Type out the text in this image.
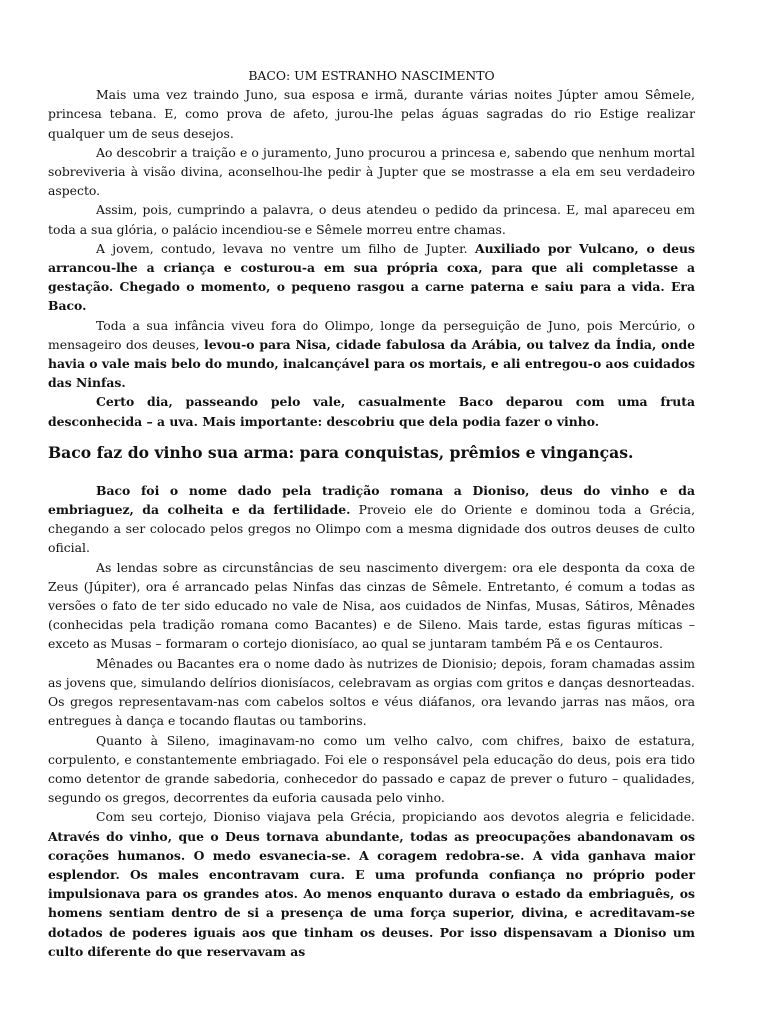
BACO: UM ESTRANHO NASCIMENTO

Mais uma vez traindo Juno, sua esposa e irmã, durante várias noites Júpter amou Sêmele, princesa tebana. E, como prova de afeto, jurou-lhe pelas águas sagradas do rio Estige realizar qualquer um de seus desejos.

Ao descobrir a traição e o juramento, Juno procurou a princesa e, sabendo que nenhum mortal sobreviveria à visão divina, aconselhou-lhe pedir à Jupter que se mostrasse a ela em seu verdadeiro aspecto.

Assim, pois, cumprindo a palavra, o deus atendeu o pedido da princesa. E, mal apareceu em toda a sua glória, o palácio incendiou-se e Sêmele morreu entre chamas.

A jovem, contudo, levava no ventre um filho de Jupter. Auxiliado por Vulcano, o deus arrancou-lhe a criança e costurou-a em sua própria coxa, para que ali completasse a gestação. Chegado o momento, o pequeno rasgou a carne paterna e saiu para a vida. Era Baco.

Toda a sua infância viveu fora do Olimpo, longe da perseguição de Juno, pois Mercúrio, o mensageiro dos deuses, levou-o para Nisa, cidade fabulosa da Arábia, ou talvez da Índia, onde havia o vale mais belo do mundo, inalcançável para os mortais, e ali entregou-o aos cuidados das Ninfas.

Certo dia, passeando pelo vale, casualmente Baco deparou com uma fruta desconhecida – a uva. Mais importante: descobriu que dela podia fazer o vinho.

Baco faz do vinho sua arma: para conquistas, prêmios e vinganças.

Baco foi o nome dado pela tradição romana a Dioniso, deus do vinho e da embriaguez, da colheita e da fertilidade. Proveio ele do Oriente e dominou toda a Grécia, chegando a ser colocado pelos gregos no Olimpo com a mesma dignidade dos outros deuses de culto oficial.

As lendas sobre as circunstâncias de seu nascimento divergem: ora ele desponta da coxa de Zeus (Júpiter), ora é arrancado pelas Ninfas das cinzas de Sêmele. Entretanto, é comum a todas as versões o fato de ter sido educado no vale de Nisa, aos cuidados de Ninfas, Musas, Sátiros, Mênades (conhecidas pela tradição romana como Bacantes) e de Sileno. Mais tarde, estas figuras míticas – exceto as Musas – formaram o cortejo dionisíaco, ao qual se juntaram também Pã e os Centauros.

Mênades ou Bacantes era o nome dado às nutrizes de Dionisio; depois, foram chamadas assim as jovens que, simulando delírios dionisíacos, celebravam as orgias com gritos e danças desnorteadas. Os gregos representavam-nas com cabelos soltos e véus diáfanos, ora levando jarras nas mãos, ora entregues à dança e tocando flautas ou tamborins.

Quanto à Sileno, imaginavam-no como um velho calvo, com chifres, baixo de estatura, corpulento, e constantemente embriagado. Foi ele o responsável pela educação do deus, pois era tido como detentor de grande sabedoria, conhecedor do passado e capaz de prever o futuro – qualidades, segundo os gregos, decorrentes da euforia causada pelo vinho.

Com seu cortejo, Dioniso viajava pela Grécia, propiciando aos devotos alegria e felicidade. Através do vinho, que o Deus tornava abundante, todas as preocupações abandonavam os corações humanos. O medo esvanecia-se. A coragem redobra-se. A vida ganhava maior esplendor. Os males encontravam cura. E uma profunda confiança no próprio poder impulsionava para os grandes atos. Ao menos enquanto durava o estado da embriaguês, os homens sentiam dentro de si a presença de uma força superior, divina, e acreditavam-se dotados de poderes iguais aos que tinham os deuses. Por isso dispensavam a Dioniso um culto diferente do que reservavam as
